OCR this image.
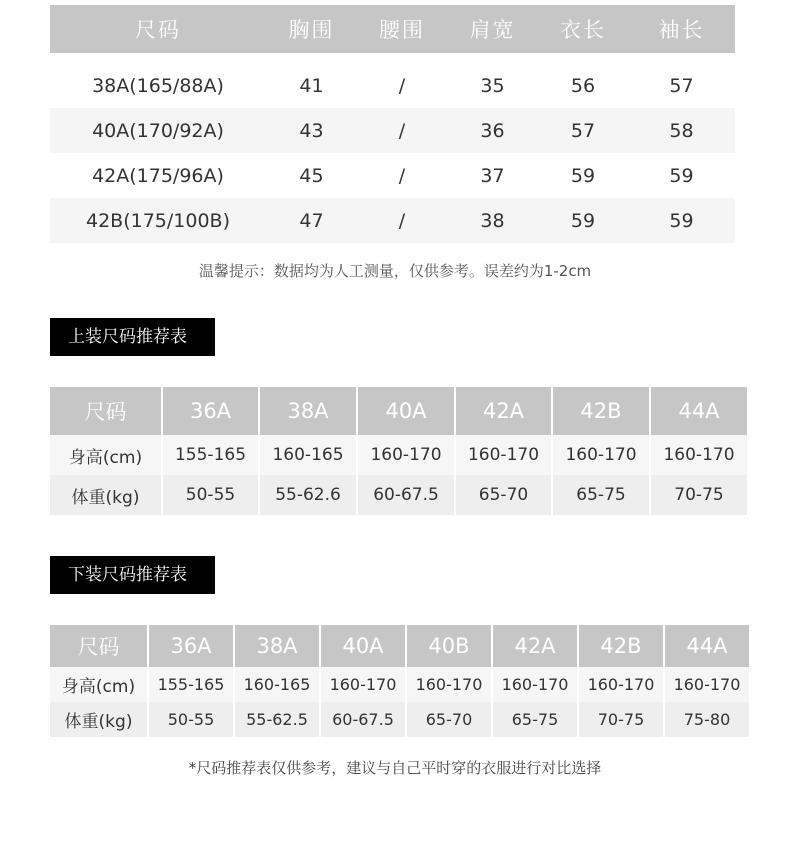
尺码	胸围	腰围	肩宽	衣长	袖长
38A(165/88A)	41	/	35	56	57
40A(170/92A)	43	/	36	57	58
42A(175/96A)	45	/	37	59	59
42B(175/100B)	47	/	38	59	59
温馨提示：数据均为人工测量，仅供参考。误差约为1-2cm
上装尺码推荐表
尺码	36A	38A	40A	42A	42B	44A
身高(cm)	155-165	160-165	160-170	160-170	160-170	160-170
体重(kg)	50-55	55-62.6	60-67.5	65-70	65-75	70-75
下装尺码推荐表
尺码	36A	38A	40A	40B	42A	42B	44A
身高(cm)	155-165	160-165	160-170	160-170	160-170	160-170	160-170
体重(kg)	50-55	55-62.5	60-67.5	65-70	65-75	70-75	75-80
*尺码推荐表仅供参考，建议与自己平时穿的衣服进行对比选择
